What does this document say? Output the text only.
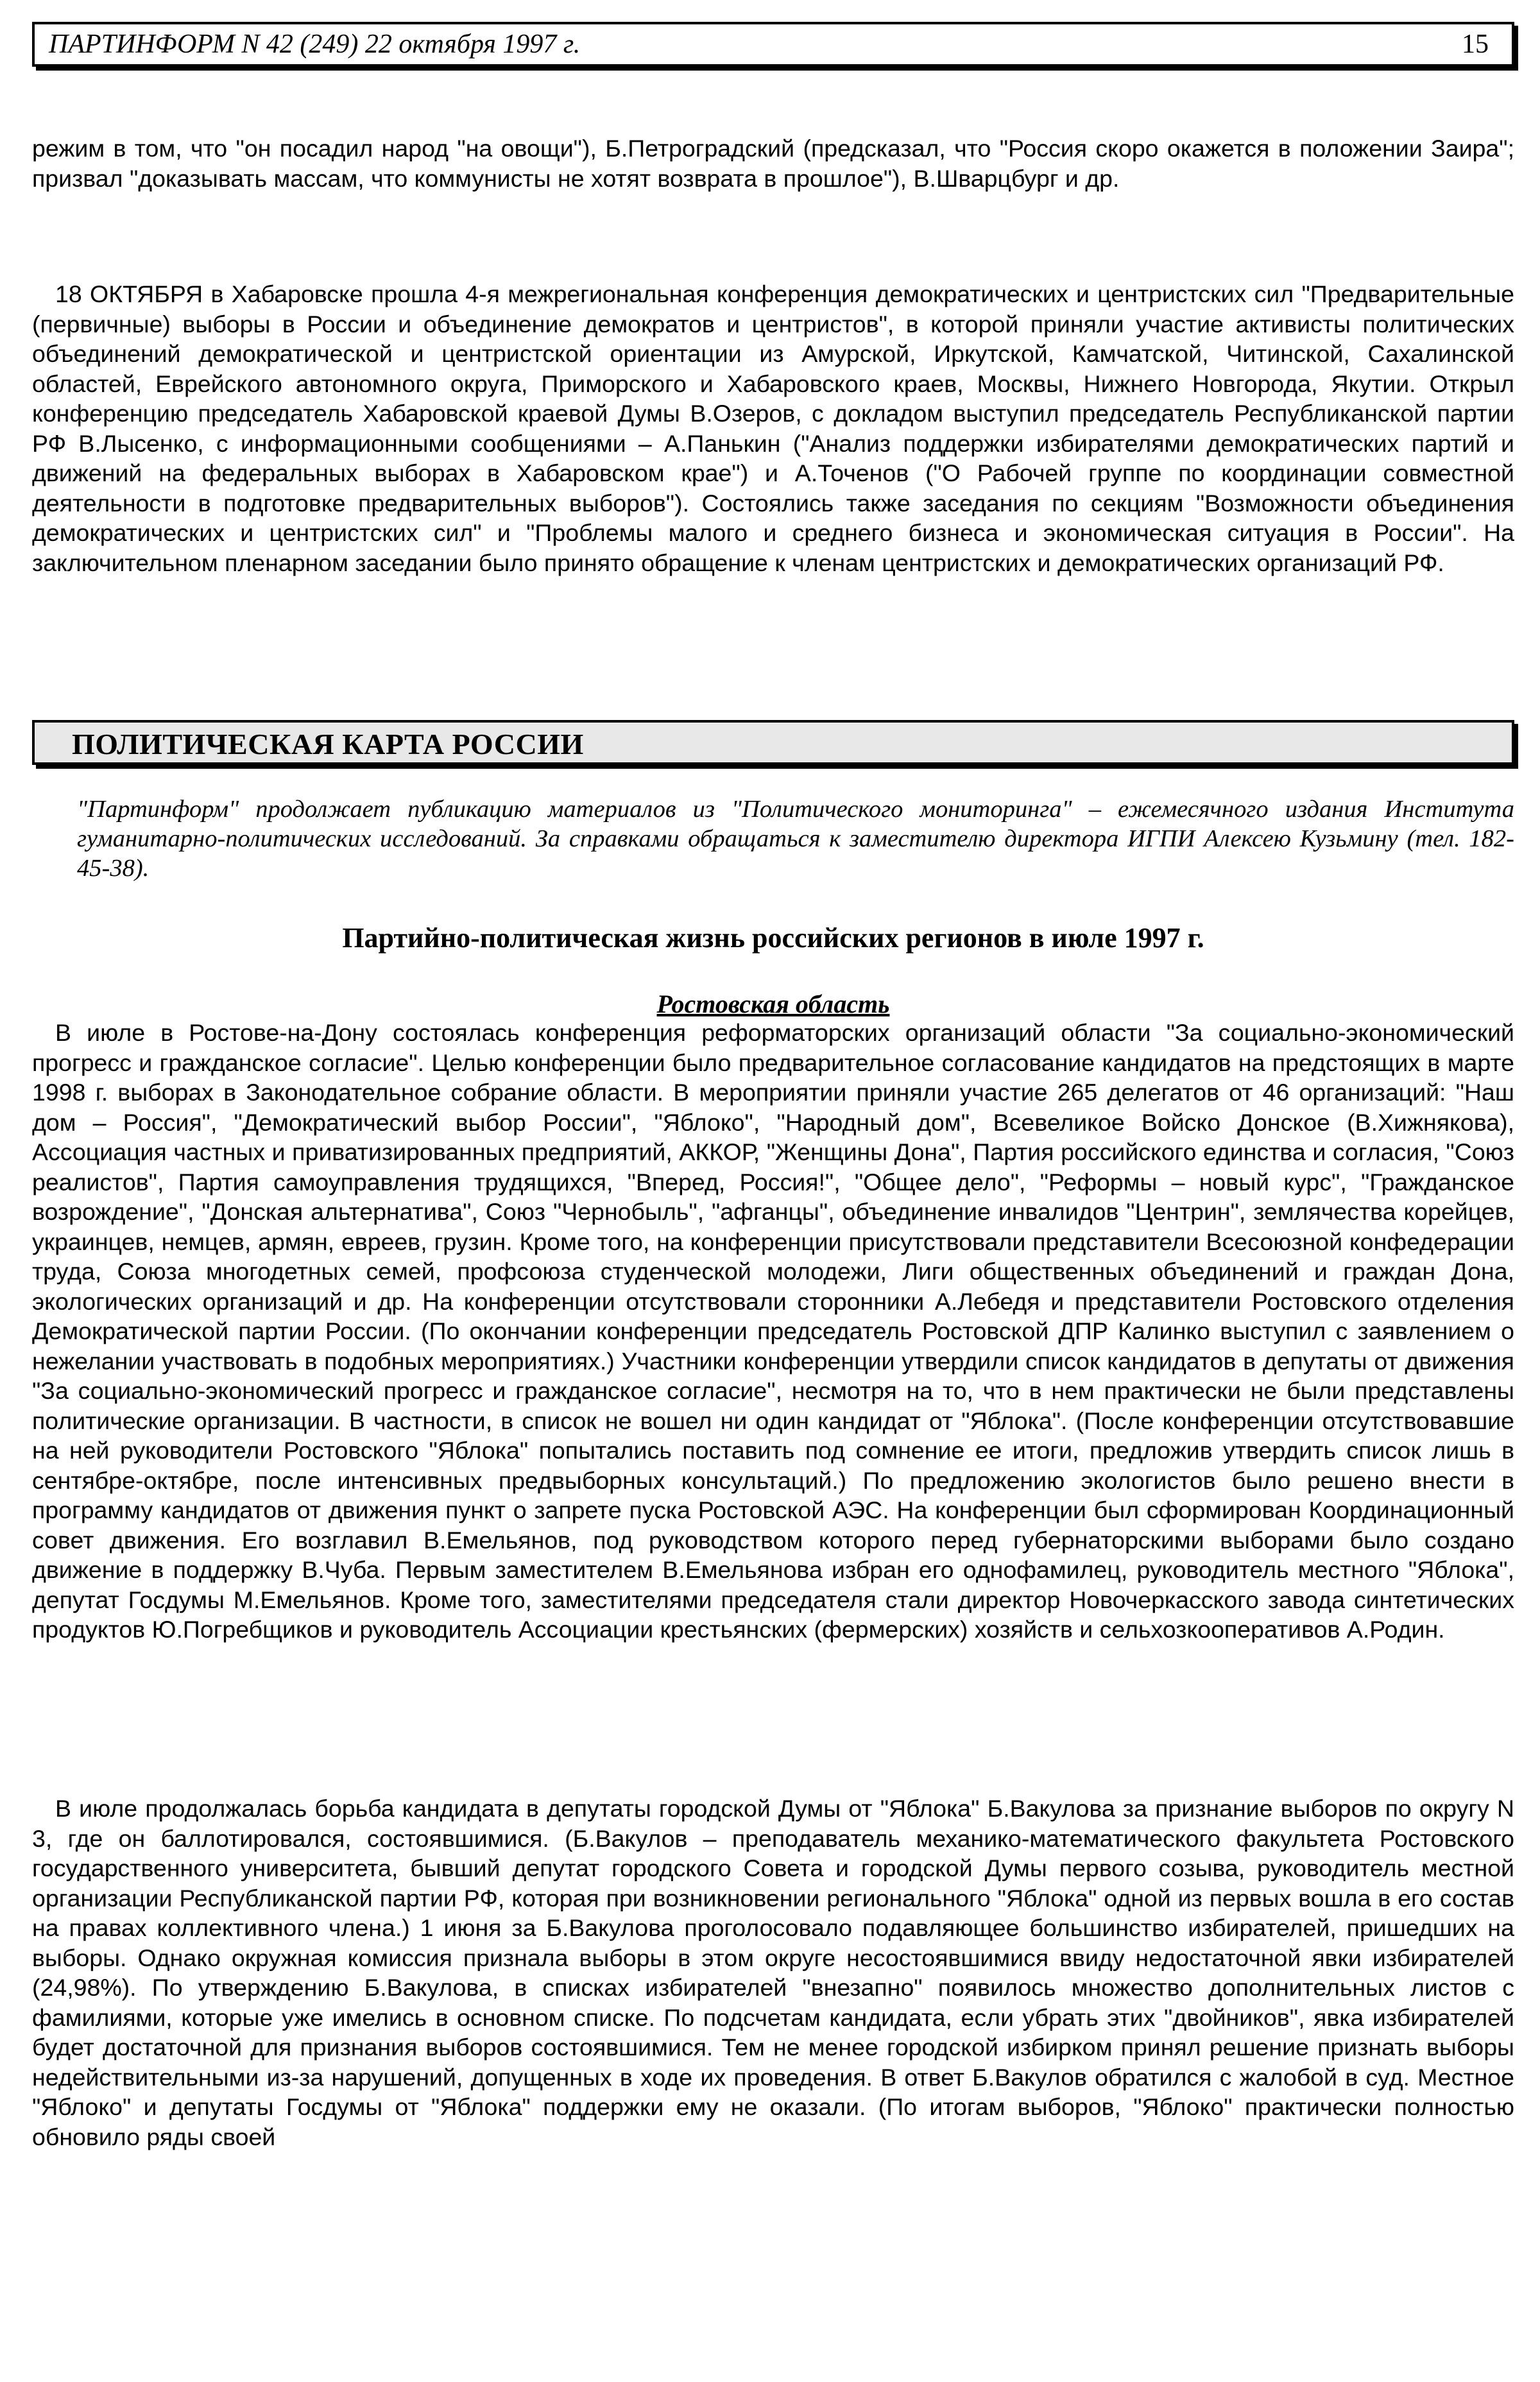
ПАРТИНФОРМ N 42 (249) 22 октября 1997 г.	15

режим в том, что "он посадил народ "на овощи"), Б.Петроградский (предсказал, что "Россия скоро окажется в положении Заира"; призвал "доказывать массам, что коммунисты не хотят возврата в прошлое"), В.Шварцбург и др.

18 ОКТЯБРЯ в Хабаровске прошла 4-я межрегиональная конференция демократических и центристских сил "Предварительные (первичные) выборы в России и объединение демократов и центристов", в которой приняли участие активисты политических объединений демократической и центристской ориентации из Амурской, Иркутской, Камчатской, Читинской, Сахалинской областей, Еврейского автономного округа, Приморского и Хабаровского краев, Москвы, Нижнего Новгорода, Якутии. Открыл конференцию председатель Хабаровской краевой Думы В.Озеров, с докладом выступил председатель Республиканской партии РФ В.Лысенко, с информационными сообщениями – А.Панькин ("Анализ поддержки избирателями демократических партий и движений на федеральных выборах в Хабаровском крае") и А.Точенов ("О Рабочей группе по координации совместной деятельности в подготовке предварительных выборов"). Состоялись также заседания по секциям "Возможности объединения демократических и центристских сил" и "Проблемы малого и среднего бизнеса и экономическая ситуация в России". На заключительном пленарном заседании было принято обращение к членам центристских и демократических организаций РФ.

ПОЛИТИЧЕСКАЯ КАРТА РОССИИ

"Партинформ" продолжает публикацию материалов из "Политического мониторинга" – ежемесячного издания Института гуманитарно-политических исследований. За справками обращаться к заместителю директора ИГПИ Алексею Кузьмину (тел. 182-45-38).

Партийно-политическая жизнь российских регионов в июле 1997 г.
Ростовская область

В июле в Ростове-на-Дону состоялась конференция реформаторских организаций области "За социально-экономический прогресс и гражданское согласие". Целью конференции было предварительное согласование кандидатов на предстоящих в марте 1998 г. выборах в Законодательное собрание области. В мероприятии приняли участие 265 делегатов от 46 организаций: "Наш дом – Россия", "Демократический выбор России", "Яблоко", "Народный дом", Всевеликое Войско Донское (В.Хижнякова), Ассоциация частных и приватизированных предприятий, АККОР, "Женщины Дона", Партия российского единства и согласия, "Союз реалистов", Партия самоуправления трудящихся, "Вперед, Россия!", "Общее дело", "Реформы – новый курс", "Гражданское возрождение", "Донская альтернатива", Союз "Чернобыль", "афганцы", объединение инвалидов "Центрин", землячества корейцев, украинцев, немцев, армян, евреев, грузин. Кроме того, на конференции присутствовали представители Всесоюзной конфедерации труда, Союза многодетных семей, профсоюза студенческой молодежи, Лиги общественных объединений и граждан Дона, экологических организаций и др. На конференции отсутствовали сторонники А.Лебедя и представители Ростовского отделения Демократической партии России. (По окончании конференции председатель Ростовской ДПР Калинко выступил с заявлением о нежелании участвовать в подобных мероприятиях.) Участники конференции утвердили список кандидатов в депутаты от движения "За социально-экономический прогресс и гражданское согласие", несмотря на то, что в нем практически не были представлены политические организации. В частности, в список не вошел ни один кандидат от "Яблока". (После конференции отсутствовавшие на ней руководители Ростовского "Яблока" попытались поставить под сомнение ее итоги, предложив утвердить список лишь в сентябре-октябре, после интенсивных предвыборных консультаций.) По предложению экологистов было решено внести в программу кандидатов от движения пункт о запрете пуска Ростовской АЭС. На конференции был сформирован Координационный совет движения. Его возглавил В.Емельянов, под руководством которого перед губернаторскими выборами было создано движение в поддержку В.Чуба. Первым заместителем В.Емельянова избран его однофамилец, руководитель местного "Яблока", депутат Госдумы М.Емельянов. Кроме того, заместителями председателя стали директор Новочеркасского завода синтетических продуктов Ю.Погребщиков и руководитель Ассоциации крестьянских (фермерских) хозяйств и сельхозкооперативов А.Родин.

В июле продолжалась борьба кандидата в депутаты городской Думы от "Яблока" Б.Вакулова за признание выборов по округу N 3, где он баллотировался, состоявшимися. (Б.Вакулов – преподаватель механико-математического факультета Ростовского государственного университета, бывший депутат городского Совета и городской Думы первого созыва, руководитель местной организации Республиканской партии РФ, которая при возникновении регионального "Яблока" одной из первых вошла в его состав на правах коллективного члена.) 1 июня за Б.Вакулова проголосовало подавляющее большинство избирателей, пришедших на выборы. Однако окружная комиссия признала выборы в этом округе несостоявшимися ввиду недостаточной явки избирателей (24,98%). По утверждению Б.Вакулова, в списках избирателей "внезапно" появилось множество дополнительных листов с фамилиями, которые уже имелись в основном списке. По подсчетам кандидата, если убрать этих "двойников", явка избирателей будет достаточной для признания выборов состоявшимися. Тем не менее городской избирком принял решение признать выборы недействительными из-за нарушений, допущенных в ходе их проведения. В ответ Б.Вакулов обратился с жалобой в суд. Местное "Яблоко" и депутаты Госдумы от "Яблока" поддержки ему не оказали. (По итогам выборов, "Яблоко" практически полностью обновило ряды своей
